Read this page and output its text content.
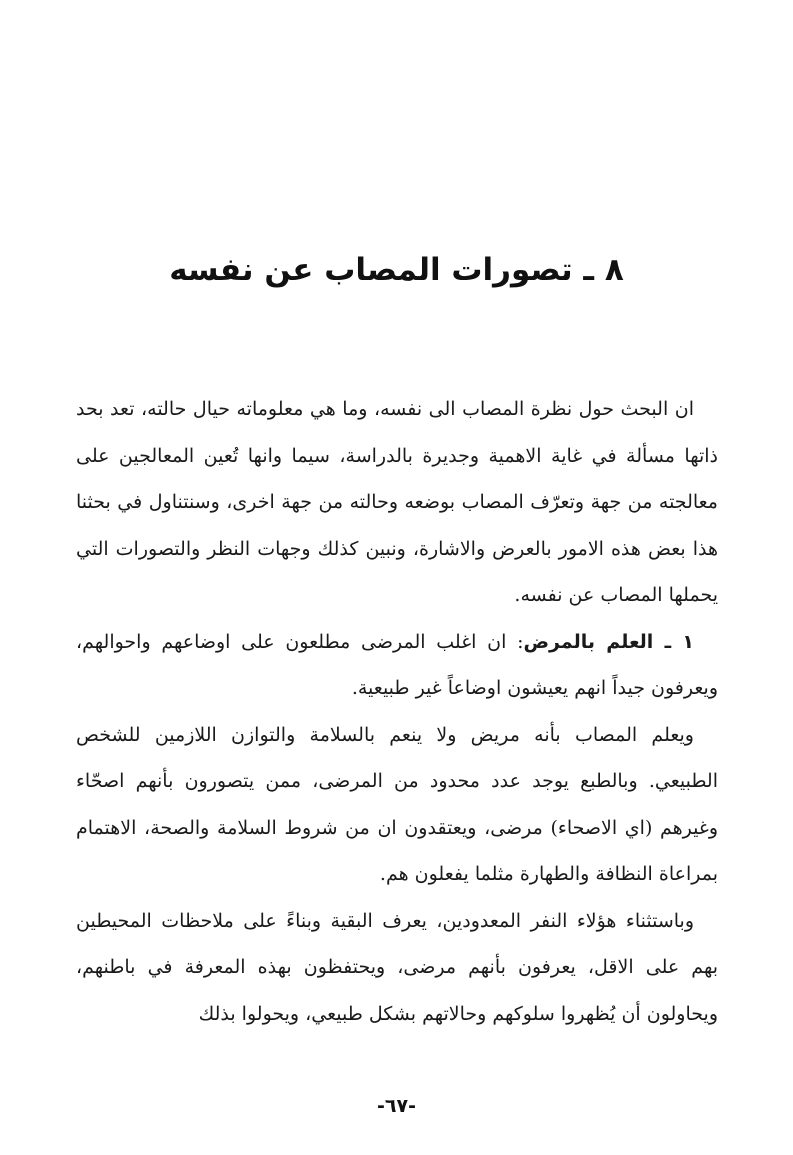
٨ ـ تصورات المصاب عن نفسه

ان البحث حول نظرة المصاب الى نفسه، وما هي معلوماته حيال حالته، تعد بحد ذاتها مسألة في غاية الاهمية وجديرة بالدراسة، سيما وانها تُعين المعالجين على معالجته من جهة وتعرّف المصاب بوضعه وحالته من جهة اخرى، وسنتناول في بحثنا هذا بعض هذه الامور بالعرض والاشارة، ونبين كذلك وجهات النظر والتصورات التي يحملها المصاب عن نفسه.

١ ـ العلم بالمرض: ان اغلب المرضى مطلعون على اوضاعهم واحوالهم، ويعرفون جيداً انهم يعيشون اوضاعاً غير طبيعية.

ويعلم المصاب بأنه مريض ولا ينعم بالسلامة والتوازن اللازمين للشخص الطبيعي. وبالطبع يوجد عدد محدود من المرضى، ممن يتصورون بأنهم اصحّاء وغيرهم (اي الاصحاء) مرضى، ويعتقدون ان من شروط السلامة والصحة، الاهتمام بمراعاة النظافة والطهارة مثلما يفعلون هم.

وباستثناء هؤلاء النفر المعدودين، يعرف البقية وبناءً على ملاحظات المحيطين بهم على الاقل، يعرفون بأنهم مرضى، ويحتفظون بهذه المعرفة في باطنهم، ويحاولون أن يُظهروا سلوكهم وحالاتهم بشكل طبيعي، ويحولوا بذلك

-٦٧-
